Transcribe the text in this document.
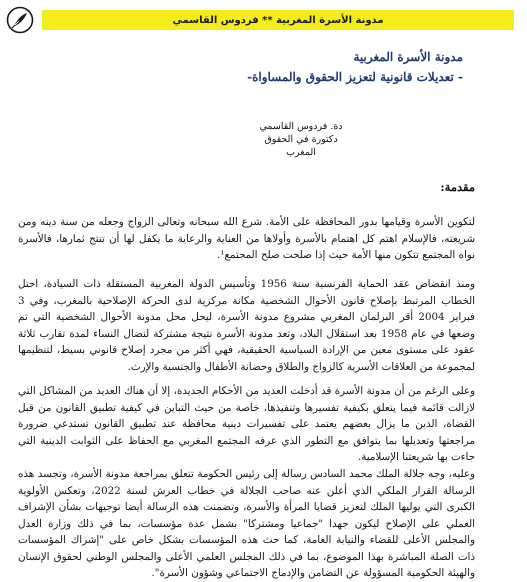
مدونة الأسرة المغربية ** فردوس القاسمي
مدونة الأسرة المغربية
- تعديلات قانونية لتعزيز الحقوق والمساواة-
دة. فردوس القاسمي
دكتورة في الحقوق
المغرب
مقدمة:

لتكوين الأسرة وقيامها بدور المحافظة على الأمة. شرع الله سبحانه وتعالى الزواج وجعله من سنة دينه ومن شريعته، فالإسلام اهتم كل اهتمام بالأسرة وأولاها من العناية والرعاية ما يكفل لها أن تنتج ثمارها، فالأسرة نواه المجتمع تتكون منها الأمة حيث إذا صلحت صلح المجتمع¹.

ومنذ انقضاض عقد الحماية الفرنسية سنة 1956 وتأسيس الدولة المغربية المستقلة ذات السيادة، احتل الخطاب المرتبط بإصلاح قانون الأحوال الشخصية مكانة مركزية لدى الحركة الإصلاحية بالمغرب، وفي 3 فبراير 2004 أقر البرلمان المغربي مشروع مدونة الأسرة، ليحل محل مدونة الأحوال الشخصية التي تم وضعها في عام 1958 بعد استقلال البلاد، وتعد مدونة الأسرة نتيجة مشتركة لنضال النساء لمدة تقارب ثلاثة عقود على مستوى معين من الإرادة السياسية الحقيقية، فهي أكثر من مجرد إصلاح قانوني بسيط، لتنظيمها لمجموعة من العلاقات الأسرية كالزواج والطلاق وحضانة الأطفال والجنسية والإرث.

وعلى الرغم من أن مدونة الأسرة قد أدخلت العديد من الأحكام الجديدة، إلا أن هناك العديد من المشاكل التي لازالت قائمة فيما يتعلق بكيفية تفسيرها وتنفيذها، خاصة من حيث التباين في كيفية تطبيق القانون من قبل القضاة، الذين ما يزال بعضهم يعتمد على تفسيرات دينية محافظة عند تطبيق القانون تستدعي ضرورة مراجعتها وتعديلها بما يتوافق مع التطور الذي عرفه المجتمع المغربي مع الحفاظ على الثوابت الدينية التي جاءت بها شريعتنا الإسلامية.

وعليه، وجه جلالة الملك محمد السادس رسالة إلى رئيس الحكومة تتعلق بمراجعة مدونة الأسرة، وتجسد هذه الرسالة القرار الملكي الذي أعلن عنه صاحب الجلالة في خطاب العرش لسنة 2022، وتعكس الأولوية الكبرى التي يوليها الملك لتعزيز قضايا المرأة والأسرة، وتضمنت هذه الرسالة أيضا توجيهات بشأن الإشراف العملي على الإصلاح ليكون جهدا "جماعيا ومشتركا" بشمل عدة مؤسسات، بما في ذلك وزارة العدل والمجلس الأعلى للقضاء والنيابة العامة، كما حث هذه المؤسسات بشكل خاص على "إشراك المؤسسات ذات الصلة المباشرة بهذا الموضوع، بما في ذلك المجلس العلمي الأعلى والمجلس الوطني لحقوق الإنسان والهيئة الحكومية المسؤولة عن التضامن والإدماج الاجتماعي وشؤون الأسرة".
